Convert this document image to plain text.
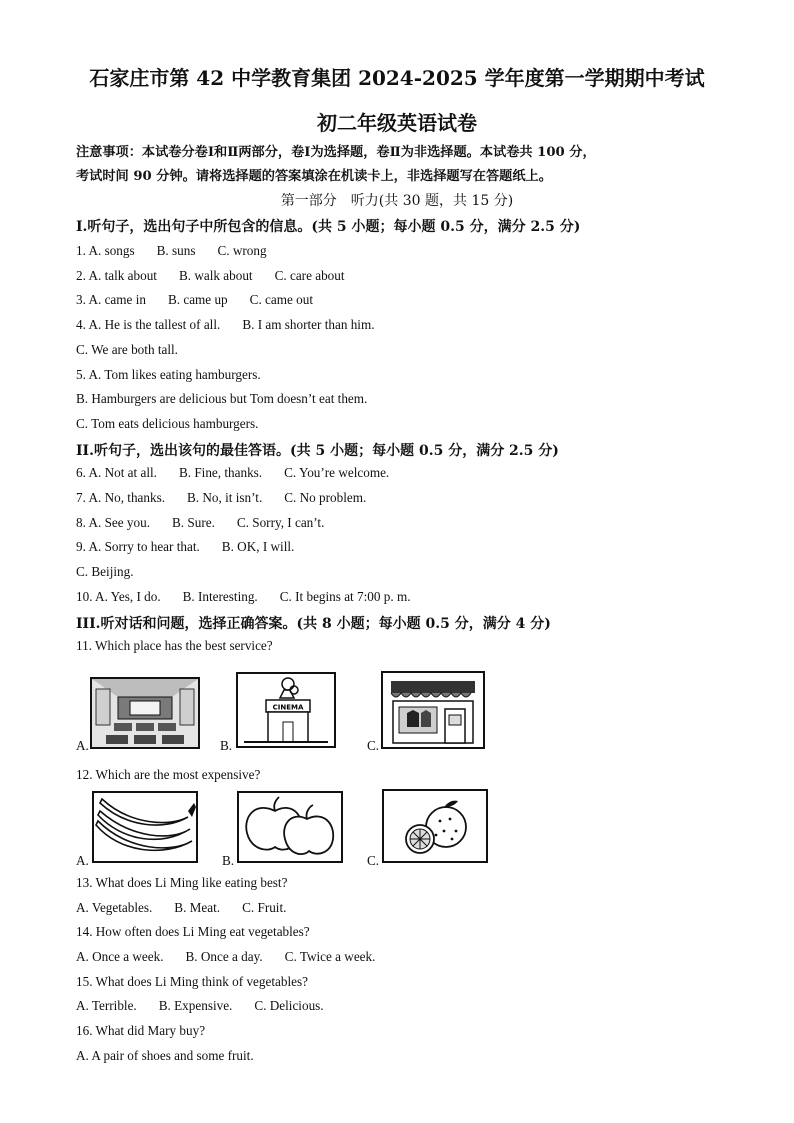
石家庄市第 42 中学教育集团 2024-2025 学年度第一学期期中考试
初二年级英语试卷
注意事项：本试卷分卷Ⅰ和Ⅱ两部分，卷Ⅰ为选择题，卷Ⅱ为非选择题。本试卷共 100 分，
考试时间 90 分钟。请将选择题的答案填涂在机读卡上，非选择题写在答题纸上。
第一部分　听力(共 30 题，共 15 分)
I.听句子，选出句子中所包含的信息。(共 5 小题；每小题 0.5 分，满分 2.5 分)
1. A. songs B. suns C. wrong
2. A. talk about B. walk about C. care about
3. A. came in B. came up C. came out
4. A. He is the tallest of all. B. I am shorter than him.
C. We are both tall.
5. A. Tom likes eating hamburgers.
B. Hamburgers are delicious but Tom doesn’t eat them.
C. Tom eats delicious hamburgers.
II.听句子，选出该句的最佳答语。(共 5 小题；每小题 0.5 分，满分 2.5 分)
6. A. Not at all. B. Fine, thanks. C. You’re welcome.
7. A. No, thanks. B. No, it isn’t. C. No problem.
8. A. See you. B. Sure. C. Sorry, I can’t.
9. A. Sorry to hear that. B. OK, I will.
C. Beijing.
10. A. Yes, I do. B. Interesting. C. It begins at 7:00 p. m.
III.听对话和问题，选择正确答案。(共 8 小题；每小题 0.5 分，满分 4 分)
11. Which place has the best service?
A.	B.
CINEMA
C.
12. Which are the most expensive?
A.	B.	C.
13. What does Li Ming like eating best?
A. Vegetables. B. Meat. C. Fruit.
14. How often does Li Ming eat vegetables?
A. Once a week. B. Once a day. C. Twice a week.
15. What does Li Ming think of vegetables?
A. Terrible. B. Expensive. C. Delicious.
16. What did Mary buy?
A. A pair of shoes and some fruit.
